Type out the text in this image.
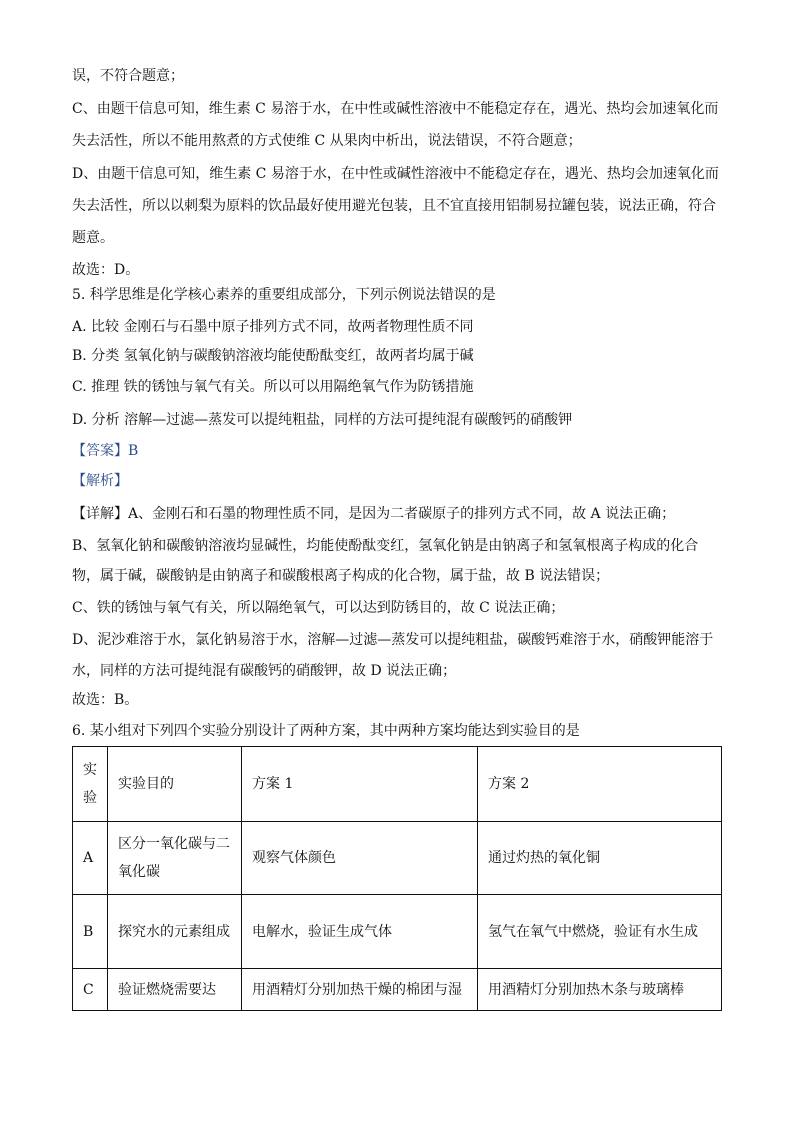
误，不符合题意；
C、由题干信息可知，维生素 C 易溶于水，在中性或碱性溶液中不能稳定存在，遇光、热均会加速氧化而
失去活性，所以不能用熬煮的方式使维 C 从果肉中析出，说法错误，不符合题意；
D、由题干信息可知，维生素 C 易溶于水，在中性或碱性溶液中不能稳定存在，遇光、热均会加速氧化而
失去活性，所以以刺梨为原料的饮品最好使用避光包装，且不宜直接用铝制易拉罐包装，说法正确，符合
题意。
故选：D。
5. 科学思维是化学核心素养的重要组成部分，下列示例说法错误的是
A. 比较 金刚石与石墨中原子排列方式不同，故两者物理性质不同
B. 分类 氢氧化钠与碳酸钠溶液均能使酚酞变红，故两者均属于碱
C. 推理 铁的锈蚀与氧气有关。所以可以用隔绝氧气作为防锈措施
D. 分析 溶解—过滤—蒸发可以提纯粗盐，同样的方法可提纯混有碳酸钙的硝酸钾
【答案】B
【解析】
【详解】A、金刚石和石墨的物理性质不同，是因为二者碳原子的排列方式不同，故 A 说法正确；
B、氢氧化钠和碳酸钠溶液均显碱性，均能使酚酞变红，氢氧化钠是由钠离子和氢氧根离子构成的化合
物，属于碱，碳酸钠是由钠离子和碳酸根离子构成的化合物，属于盐，故 B 说法错误；
C、铁的锈蚀与氧气有关，所以隔绝氧气，可以达到防锈目的，故 C 说法正确；
D、泥沙难溶于水，氯化钠易溶于水，溶解—过滤—蒸发可以提纯粗盐，碳酸钙难溶于水，硝酸钾能溶于
水，同样的方法可提纯混有碳酸钙的硝酸钾，故 D 说法正确；
故选：B。
6. 某小组对下列四个实验分别设计了两种方案，其中两种方案均能达到实验目的是
实验	实验目的	方案 1	方案 2
A	区分一氧化碳与二氧化碳	观察气体颜色	通过灼热的氧化铜
B	探究水的元素组成	电解水，验证生成气体	氢气在氧气中燃烧，验证有水生成
C	验证燃烧需要达	用酒精灯分别加热干燥的棉团与湿	用酒精灯分别加热木条与玻璃棒
